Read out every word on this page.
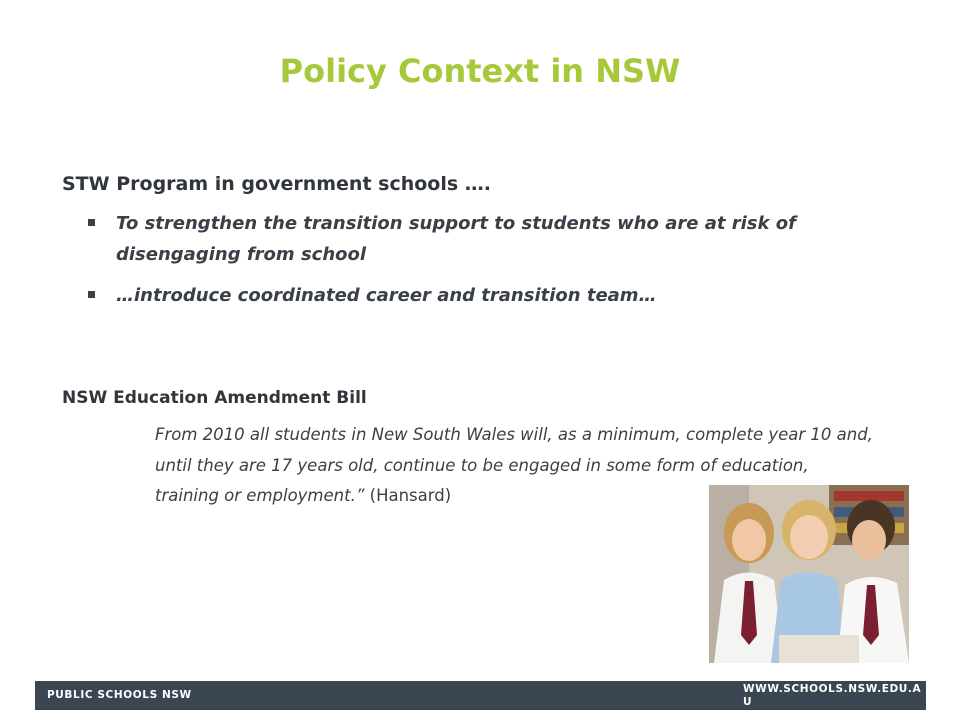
Policy Context in NSW
STW Program in government schools ….
To strengthen the transition support to students who are at risk of disengaging from school
…introduce coordinated career and transition team…
NSW Education Amendment Bill
From 2010 all students in New South Wales will, as a minimum, complete year 10 and, until they are 17 years old, continue to be engaged in some form of education, training or employment.” (Hansard)
PUBLIC SCHOOLS NSW	WWW.SCHOOLS.NSW.EDU.AU
